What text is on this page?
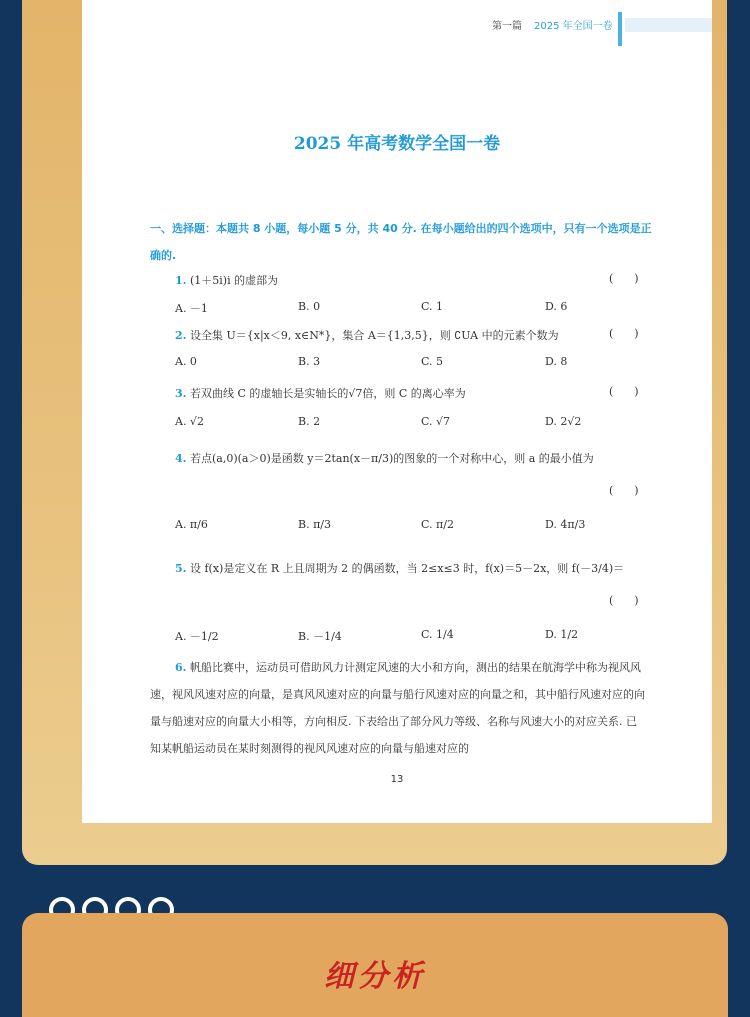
第一篇 2025 年全国一卷
2025 年高考数学全国一卷
一、选择题：本题共 8 小题，每小题 5 分，共 40 分. 在每小题给出的四个选项中，只有一个选项是正确的.
1. (1＋5i)i 的虚部为	(      )
A. －1	B. 0	C. 1	D. 6
2. 设全集 U＝{x|x＜9, x∈N*}，集合 A＝{1,3,5}，则 ∁UA 中的元素个数为	(      )
A. 0	B. 3	C. 5	D. 8
3. 若双曲线 C 的虚轴长是实轴长的√7倍，则 C 的离心率为	(      )
A. √2	B. 2	C. √7	D. 2√2
4. 若点(a,0)(a＞0)是函数 y＝2tan(x－π/3)的图象的一个对称中心，则 a 的最小值为
(      )
A. π/6	B. π/3	C. π/2	D. 4π/3
5. 设 f(x)是定义在 R 上且周期为 2 的偶函数，当 2≤x≤3 时，f(x)＝5－2x，则 f(－3/4)＝
(      )
A. －1/2	B. －1/4	C. 1/4	D. 1/2
6. 帆船比赛中，运动员可借助风力计测定风速的大小和方向，测出的结果在航海学中称为视风风速，视风风速对应的向量，是真风风速对应的向量与船行风速对应的向量之和，其中船行风速对应的向量与船速对应的向量大小相等，方向相反. 下表给出了部分风力等级、名称与风速大小的对应关系. 已知某帆船运动员在某时刻测得的视风风速对应的向量与船速对应的
13
细分析
